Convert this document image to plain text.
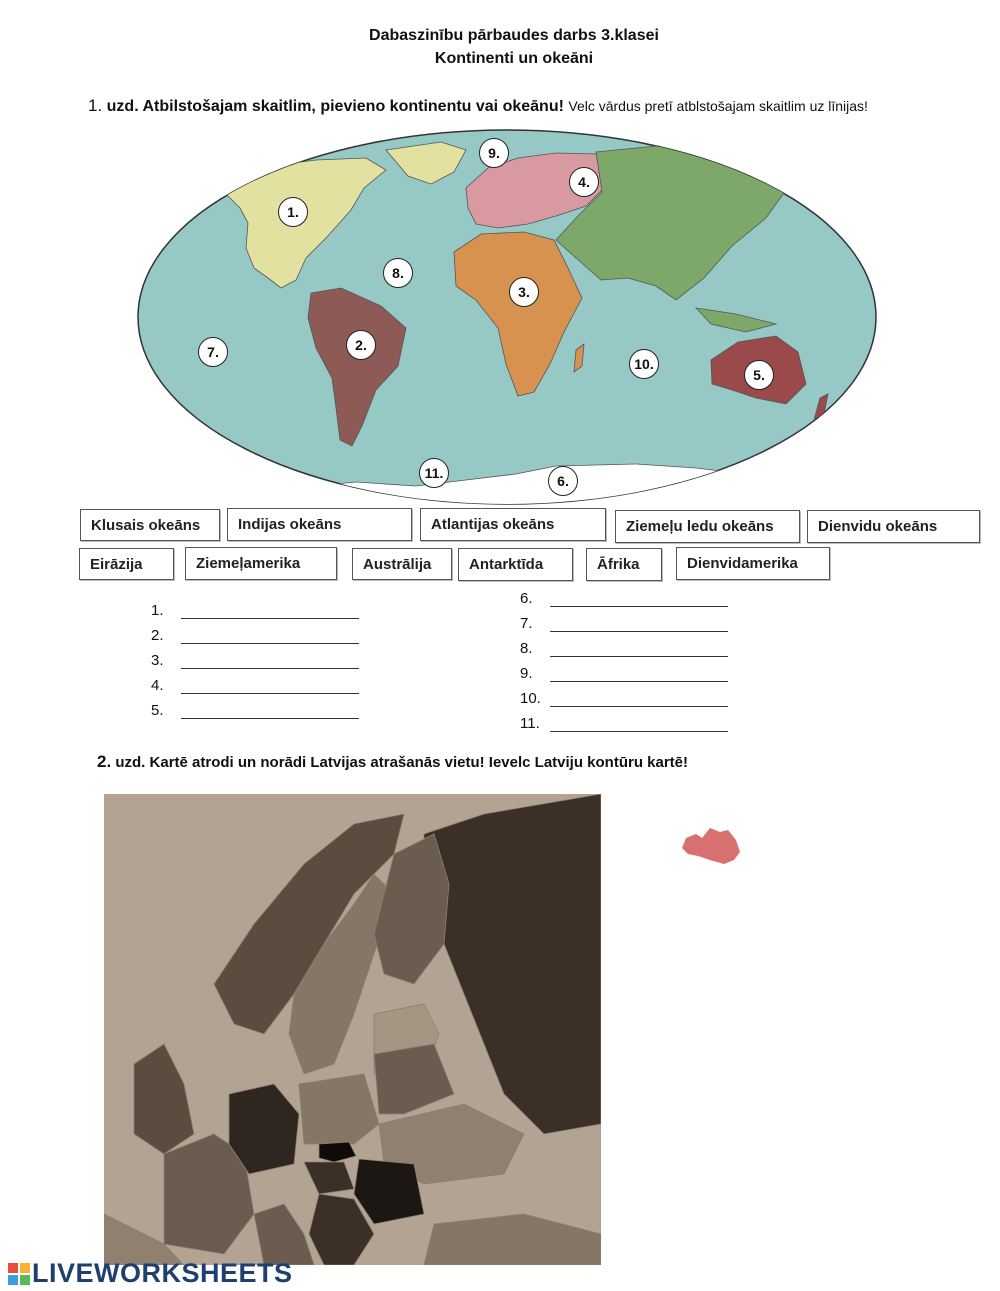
Dabaszinību pārbaudes darbs 3.klasei
Kontinenti un okeāni
1. uzd. Atbilstošajam skaitlim, pievieno kontinentu vai okeānu! Velc vārdus pretī atblstošajam skaitlim uz līnijas!
1.
2.
3.
4.
5.
6.
7.
8.
9.
10.
11.
Klusais okeāns	Indijas okeāns	Atlantijas okeāns	Ziemeļu ledu okeāns	Dienvidu okeāns
Eirāzija	Ziemeļamerika	Austrālija	Antarktīda	Āfrika	Dienvidamerika
1.
2.
3.
4.
5.
6.
7.
8.
9.
10.
11.
2. uzd. Kartē atrodi un norādi Latvijas atrašanās vietu! Ievelc Latviju kontūru kartē!
LIVEWORKSHEETS
